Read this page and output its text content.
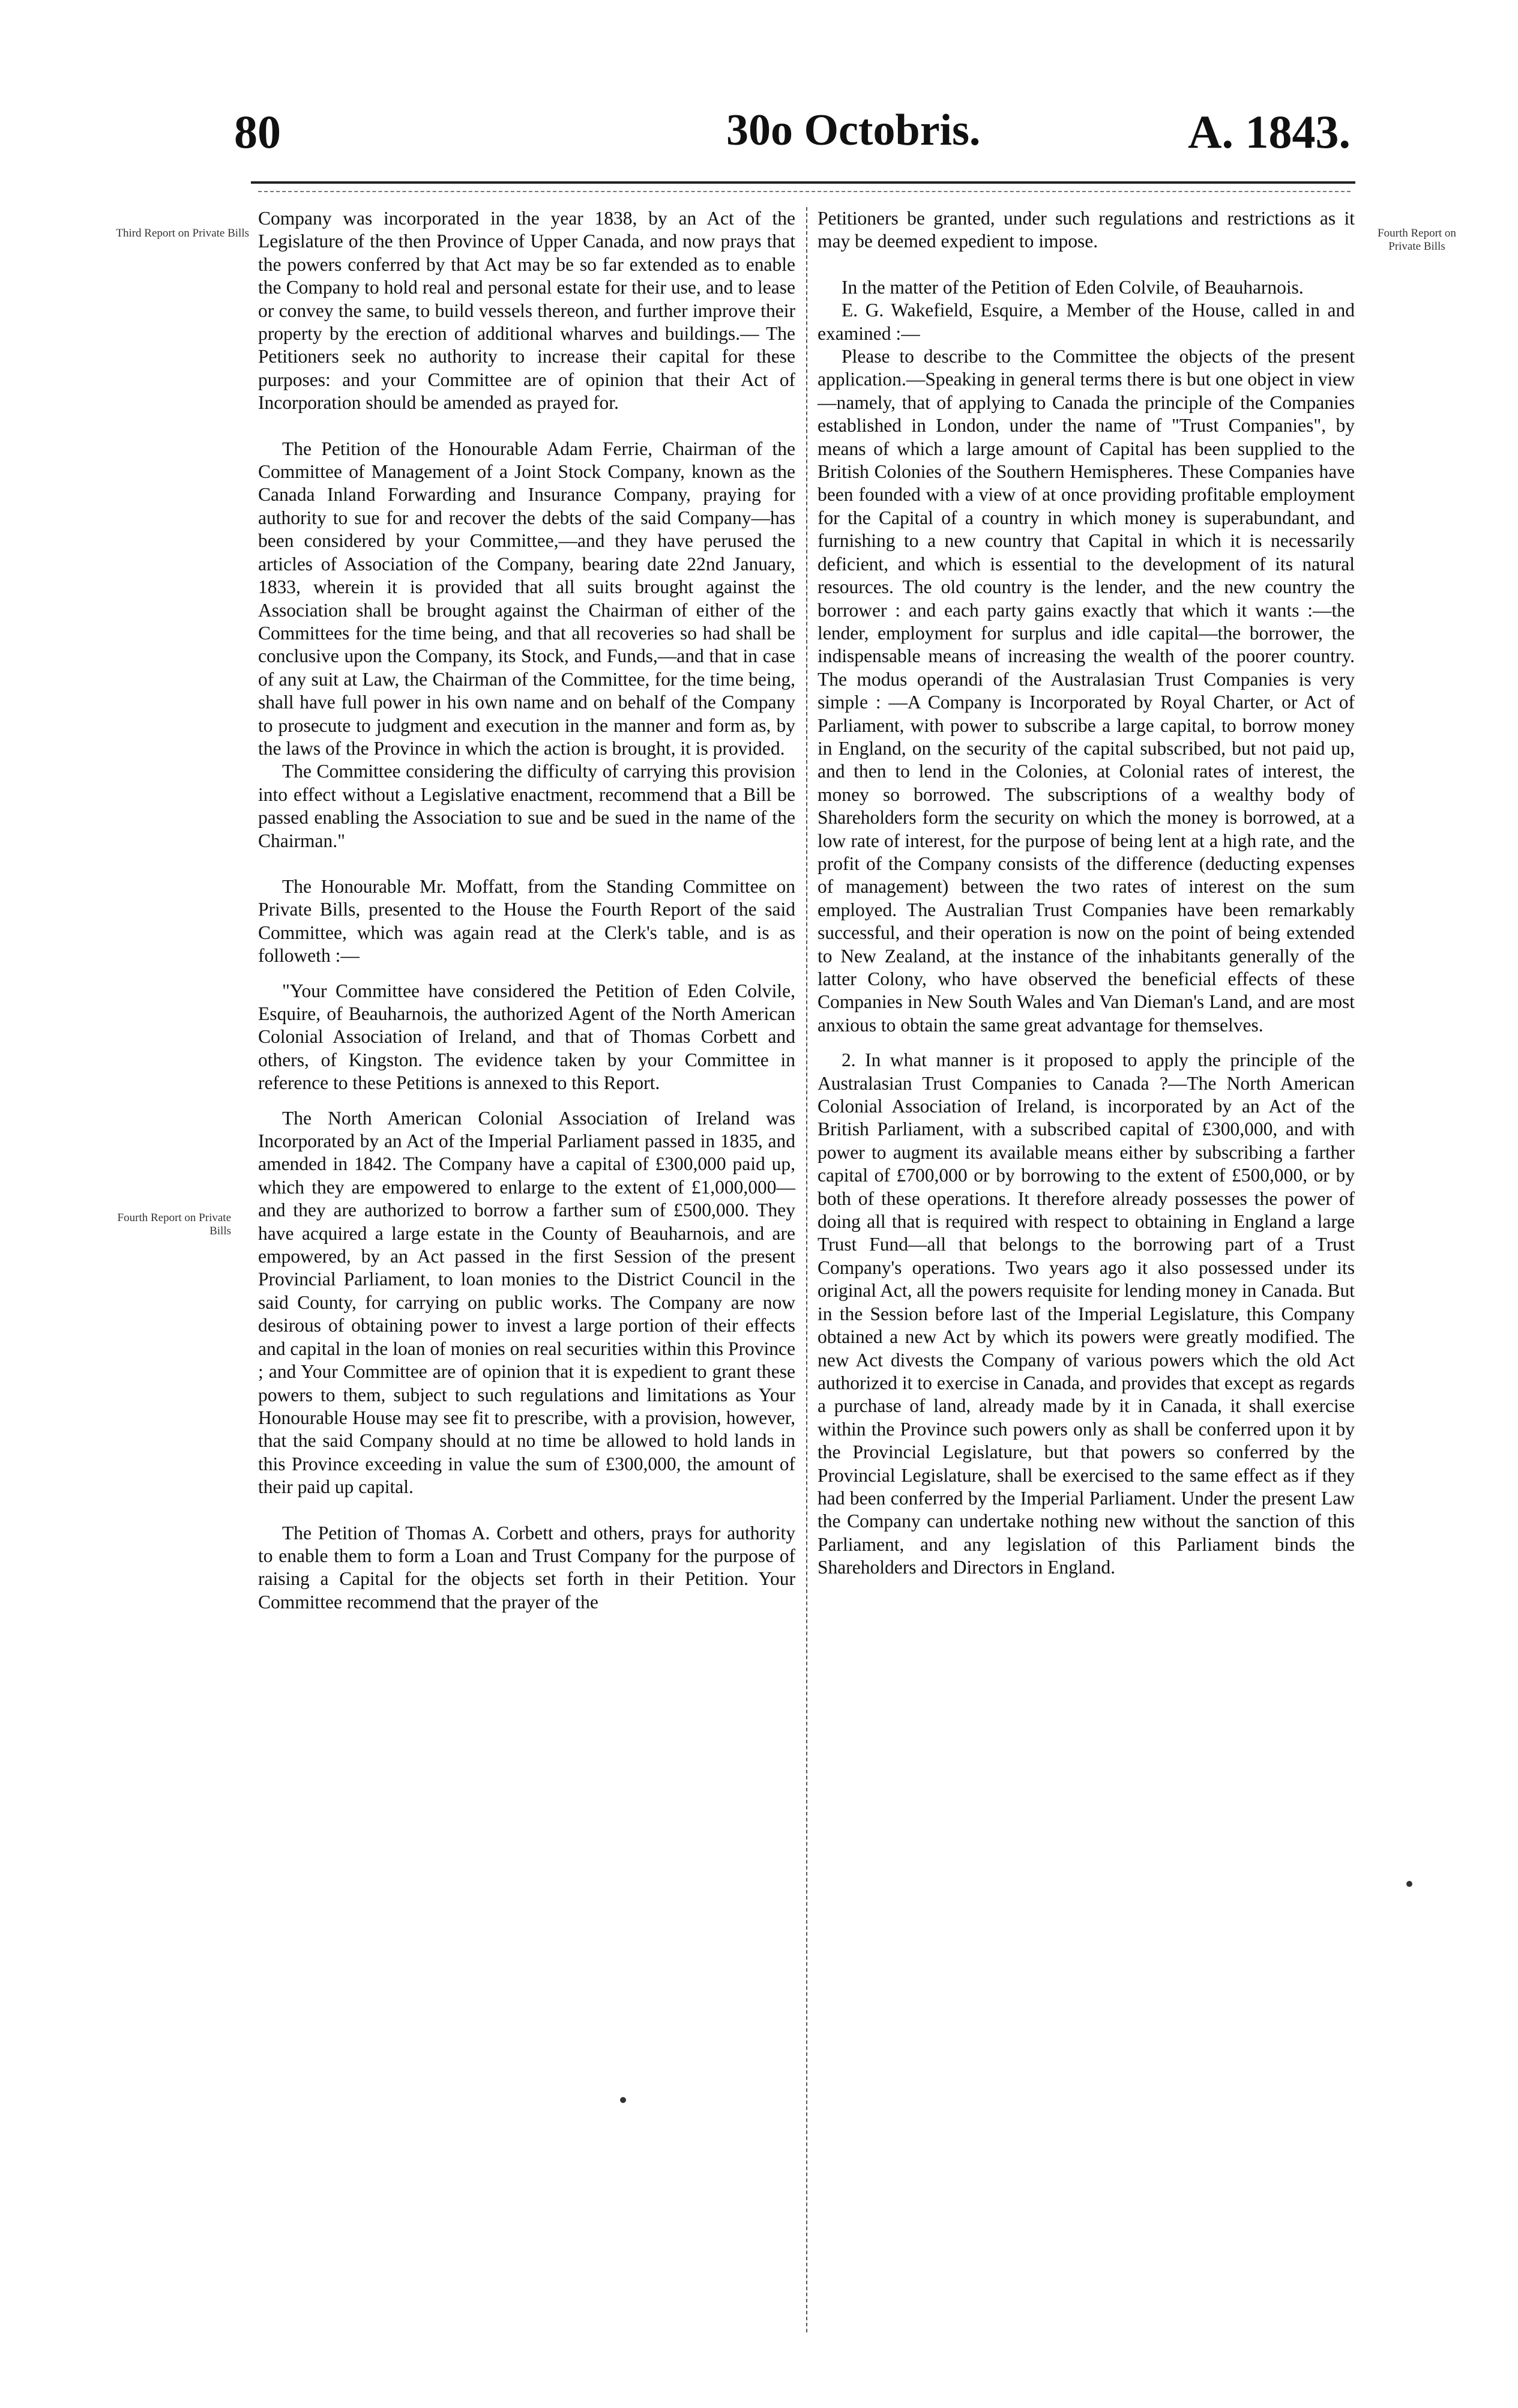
80	30o Octobris.	A. 1843.
Third Report on Private Bills
Fourth Report on Private Bills
Fourth Report on Private Bills

Company was incorporated in the year 1838, by an Act of the Legislature of the then Province of Upper Canada, and now prays that the powers conferred by that Act may be so far extended as to enable the Company to hold real and personal estate for their use, and to lease or convey the same, to build vessels thereon, and further improve their property by the erection of additional wharves and buildings.— The Petitioners seek no authority to increase their capital for these purposes: and your Committee are of opinion that their Act of Incorporation should be amended as prayed for.

The Petition of the Honourable Adam Ferrie, Chairman of the Committee of Management of a Joint Stock Company, known as the Canada Inland Forwarding and Insurance Company, praying for authority to sue for and recover the debts of the said Company—has been considered by your Committee,—and they have perused the articles of Association of the Company, bearing date 22nd January, 1833, wherein it is provided that all suits brought against the Association shall be brought against the Chairman of either of the Committees for the time being, and that all recoveries so had shall be conclusive upon the Company, its Stock, and Funds,—and that in case of any suit at Law, the Chairman of the Committee, for the time being, shall have full power in his own name and on behalf of the Company to prosecute to judgment and execution in the manner and form as, by the laws of the Province in which the action is brought, it is provided.

The Committee considering the difficulty of carrying this provision into effect without a Legislative enactment, recommend that a Bill be passed enabling the Association to sue and be sued in the name of the Chairman."

The Honourable Mr. Moffatt, from the Standing Committee on Private Bills, presented to the House the Fourth Report of the said Committee, which was again read at the Clerk's table, and is as followeth :—

"Your Committee have considered the Petition of Eden Colvile, Esquire, of Beauharnois, the authorized Agent of the North American Colonial Association of Ireland, and that of Thomas Corbett and others, of Kingston. The evidence taken by your Committee in reference to these Petitions is annexed to this Report.

The North American Colonial Association of Ireland was Incorporated by an Act of the Imperial Parliament passed in 1835, and amended in 1842. The Company have a capital of £300,000 paid up, which they are empowered to enlarge to the extent of £1,000,000—and they are authorized to borrow a farther sum of £500,000. They have acquired a large estate in the County of Beauharnois, and are empowered, by an Act passed in the first Session of the present Provincial Parliament, to loan monies to the District Council in the said County, for carrying on public works. The Company are now desirous of obtaining power to invest a large portion of their effects and capital in the loan of monies on real securities within this Province ; and Your Committee are of opinion that it is expedient to grant these powers to them, subject to such regulations and limitations as Your Honourable House may see fit to prescribe, with a provision, however, that the said Company should at no time be allowed to hold lands in this Province exceeding in value the sum of £300,000, the amount of their paid up capital.

The Petition of Thomas A. Corbett and others, prays for authority to enable them to form a Loan and Trust Company for the purpose of raising a Capital for the objects set forth in their Petition. Your Committee recommend that the prayer of the

Petitioners be granted, under such regulations and restrictions as it may be deemed expedient to impose.

In the matter of the Petition of Eden Colvile, of Beauharnois.

E. G. Wakefield, Esquire, a Member of the House, called in and examined :—

Please to describe to the Committee the objects of the present application.—Speaking in general terms there is but one object in view—namely, that of applying to Canada the principle of the Companies established in London, under the name of "Trust Companies", by means of which a large amount of Capital has been supplied to the British Colonies of the Southern Hemispheres. These Companies have been founded with a view of at once providing profitable employment for the Capital of a country in which money is superabundant, and furnishing to a new country that Capital in which it is necessarily deficient, and which is essential to the development of its natural resources. The old country is the lender, and the new country the borrower : and each party gains exactly that which it wants :—the lender, employment for surplus and idle capital—the borrower, the indispensable means of increasing the wealth of the poorer country. The modus operandi of the Australasian Trust Companies is very simple : —A Company is Incorporated by Royal Charter, or Act of Parliament, with power to subscribe a large capital, to borrow money in England, on the security of the capital subscribed, but not paid up, and then to lend in the Colonies, at Colonial rates of interest, the money so borrowed. The subscriptions of a wealthy body of Shareholders form the security on which the money is borrowed, at a low rate of interest, for the purpose of being lent at a high rate, and the profit of the Company consists of the difference (deducting expenses of management) between the two rates of interest on the sum employed. The Australian Trust Companies have been remarkably successful, and their operation is now on the point of being extended to New Zealand, at the instance of the inhabitants generally of the latter Colony, who have observed the beneficial effects of these Companies in New South Wales and Van Dieman's Land, and are most anxious to obtain the same great advantage for themselves.

2. In what manner is it proposed to apply the principle of the Australasian Trust Companies to Canada ?—The North American Colonial Association of Ireland, is incorporated by an Act of the British Parliament, with a subscribed capital of £300,000, and with power to augment its available means either by subscribing a farther capital of £700,000 or by borrowing to the extent of £500,000, or by both of these operations. It therefore already possesses the power of doing all that is required with respect to obtaining in England a large Trust Fund—all that belongs to the borrowing part of a Trust Company's operations. Two years ago it also possessed under its original Act, all the powers requisite for lending money in Canada. But in the Session before last of the Imperial Legislature, this Company obtained a new Act by which its powers were greatly modified. The new Act divests the Company of various powers which the old Act authorized it to exercise in Canada, and provides that except as regards a purchase of land, already made by it in Canada, it shall exercise within the Province such powers only as shall be conferred upon it by the Provincial Legislature, but that powers so conferred by the Provincial Legislature, shall be exercised to the same effect as if they had been conferred by the Imperial Parliament. Under the present Law the Company can undertake nothing new without the sanction of this Parliament, and any legislation of this Parliament binds the Shareholders and Directors in England.
